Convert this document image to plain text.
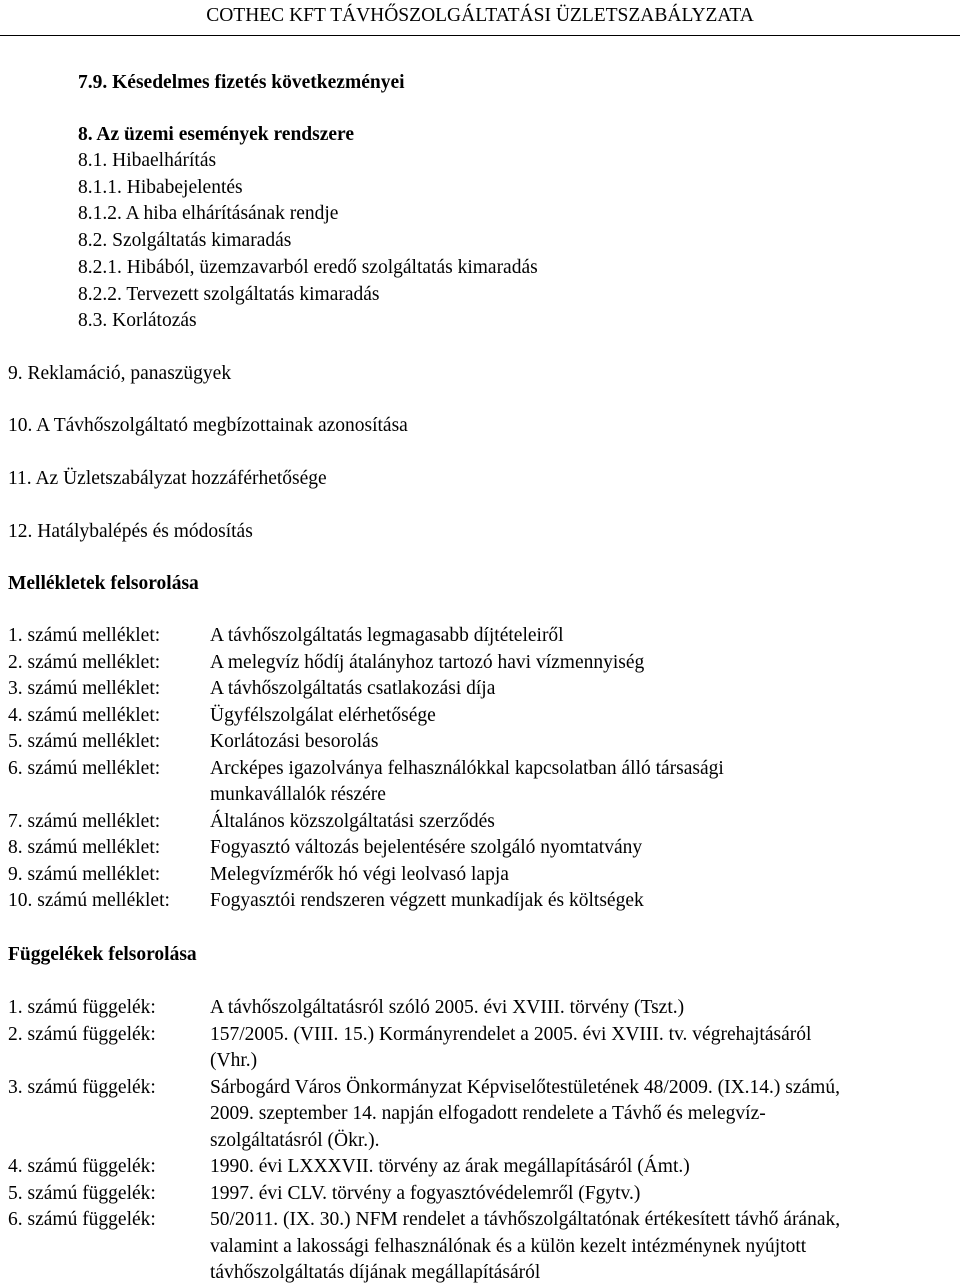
COTHEC KFT TÁVHŐSZOLGÁLTATÁSI ÜZLETSZABÁLYZATA
7.9. Késedelmes fizetés következményei
8. Az üzemi események rendszere
8.1. Hibaelhárítás
8.1.1. Hibabejelentés
8.1.2. A hiba elhárításának rendje
8.2. Szolgáltatás kimaradás
8.2.1. Hibából, üzemzavarból eredő szolgáltatás kimaradás
8.2.2. Tervezett szolgáltatás kimaradás
8.3. Korlátozás
9. Reklamáció, panaszügyek
10. A Távhőszolgáltató megbízottainak azonosítása
11. Az Üzletszabályzat hozzáférhetősége
12. Hatálybalépés és módosítás
Mellékletek felsorolása
1. számú melléklet:	A távhőszolgáltatás legmagasabb díjtételeiről
2. számú melléklet:	A melegvíz hődíj átalányhoz tartozó havi vízmennyiség
3. számú melléklet:	A távhőszolgáltatás csatlakozási díja
4. számú melléklet:	Ügyfélszolgálat elérhetősége
5. számú melléklet:	Korlátozási besorolás
6. számú melléklet:	Arcképes igazolványa felhasználókkal kapcsolatban álló társasági
munkavállalók részére
7. számú melléklet:	Általános közszolgáltatási szerződés
8. számú melléklet:	Fogyasztó változás bejelentésére szolgáló nyomtatvány
9. számú melléklet:	Melegvízmérők hó végi leolvasó lapja
10. számú melléklet: Fogyasztói rendszeren végzett munkadíjak és költségek
Függelékek felsorolása
1. számú függelék:	A távhőszolgáltatásról szóló 2005. évi XVIII. törvény (Tszt.)
2. számú függelék:	157/2005. (VIII. 15.) Kormányrendelet a 2005. évi XVIII. tv. végrehajtásáról
(Vhr.)
3. számú függelék:	Sárbogárd Város Önkormányzat Képviselőtestületének 48/2009. (IX.14.) számú,
2009. szeptember 14. napján elfogadott rendelete a Távhő és melegvíz-
szolgáltatásról (Ökr.).
4. számú függelék:	1990. évi LXXXVII. törvény az árak megállapításáról (Ámt.)
5. számú függelék:	1997. évi CLV. törvény a fogyasztóvédelemről (Fgytv.)
6. számú függelék:	50/2011. (IX. 30.) NFM rendelet a távhőszolgáltatónak értékesített távhő árának,
valamint a lakossági felhasználónak és a külön kezelt intézménynek nyújtott
távhőszolgáltatás díjának megállapításáról
